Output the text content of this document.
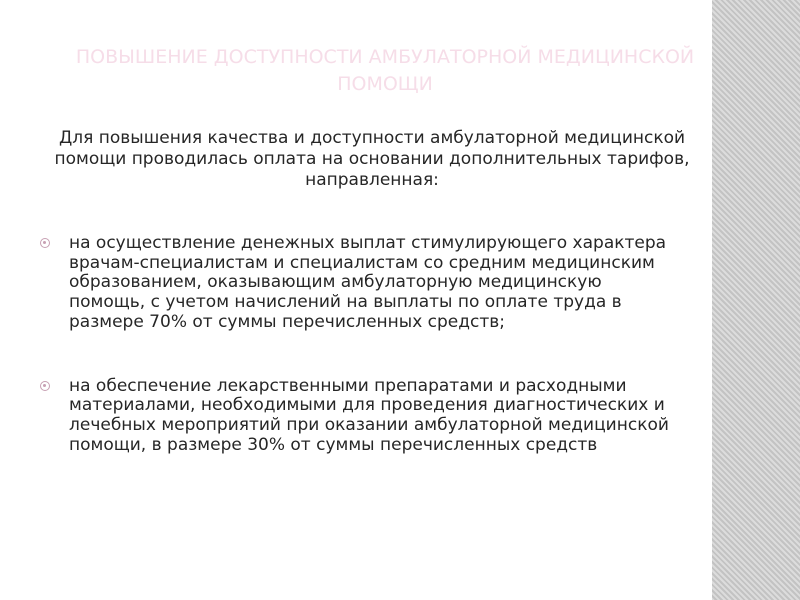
ПОВЫШЕНИЕ ДОСТУПНОСТИ АМБУЛАТОРНОЙ МЕДИЦИНСКОЙ ПОМОЩИ
Для повышения качества и доступности амбулаторной медицинской помощи проводилась оплата на основании дополнительных тарифов, направленная:
на осуществление денежных выплат стимулирующего характера врачам-специалистам и специалистам со средним медицинским образованием, оказывающим амбулаторную медицинскую помощь, с учетом начислений на выплаты по оплате труда в размере 70% от суммы перечисленных средств;
на обеспечение лекарственными препаратами и расходными материалами, необходимыми для проведения диагностических и лечебных мероприятий при оказании амбулаторной медицинской помощи, в размере 30% от суммы перечисленных средств
